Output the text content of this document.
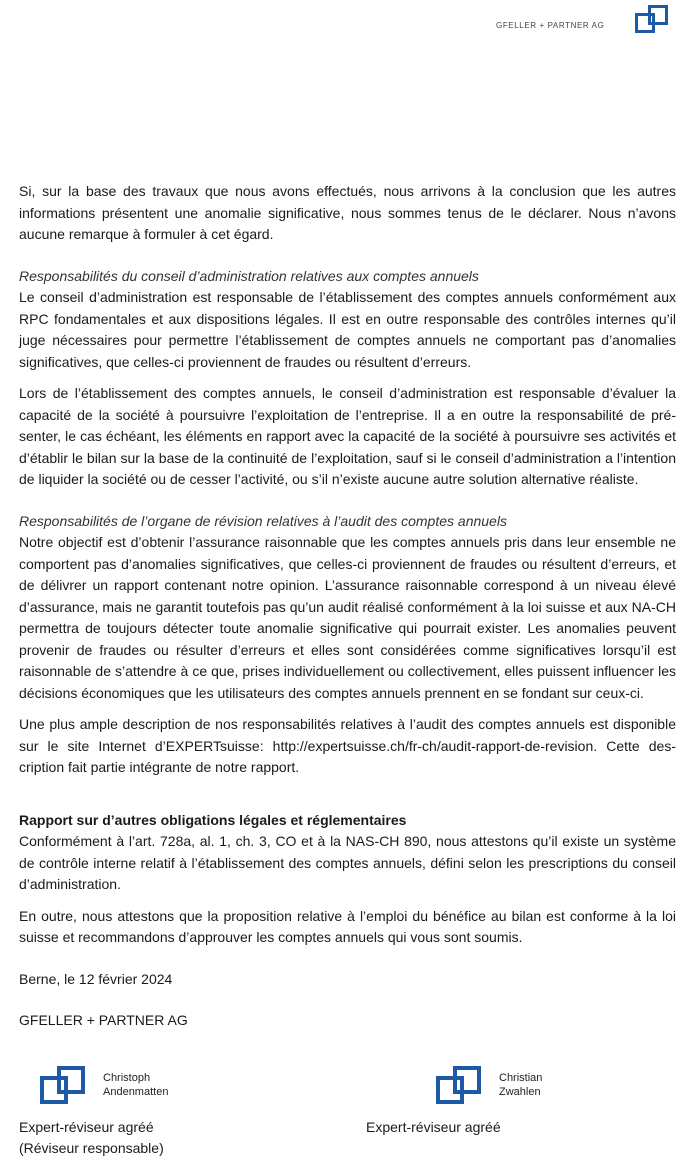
GFELLER + PARTNER AG

Si, sur la base des travaux que nous avons effectués, nous arrivons à la conclusion que les autres informations présentent une anomalie significative, nous sommes tenus de le déclarer. Nous n’avons aucune remarque à formuler à cet égard.

Responsabilités du conseil d’administration relatives aux comptes annuels

Le conseil d’administration est responsable de l’établissement des comptes annuels conformément aux RPC fondamentales et aux dispositions légales. Il est en outre responsable des contrôles internes qu’il juge nécessaires pour permettre l’établissement de comptes annuels ne comportant pas d’anomalies significatives, que celles-ci proviennent de fraudes ou résultent d’erreurs.

Lors de l’établissement des comptes annuels, le conseil d’administration est responsable d’évaluer la capacité de la société à poursuivre l’exploitation de l’entreprise. Il a en outre la responsabilité de présenter, le cas échéant, les éléments en rapport avec la capacité de la société à poursuivre ses activités et d’établir le bilan sur la base de la continuité de l’exploitation, sauf si le conseil d’administration a l’intention de liquider la société ou de cesser l’activité, ou s’il n’existe aucune autre solution alternative réaliste.

Responsabilités de l’organe de révision relatives à l’audit des comptes annuels

Notre objectif est d’obtenir l’assurance raisonnable que les comptes annuels pris dans leur ensemble ne comportent pas d’anomalies significatives, que celles-ci proviennent de fraudes ou résultent d’erreurs, et de délivrer un rapport contenant notre opinion. L’assurance raisonnable correspond à un niveau élevé d’assurance, mais ne garantit toutefois pas qu’un audit réalisé conformément à la loi suisse et aux NA-CH permettra de toujours détecter toute anomalie significative qui pourrait exister. Les anomalies peuvent provenir de fraudes ou résulter d’erreurs et elles sont considérées comme significatives lorsqu’il est raisonnable de s’attendre à ce que, prises individuellement ou collectivement, elles puissent influencer les décisions économiques que les utilisateurs des comptes annuels prennent en se fondant sur ceux-ci.

Une plus ample description de nos responsabilités relatives à l’audit des comptes annuels est disponible sur le site Internet d’EXPERTsuisse: http://expertsuisse.ch/fr-ch/audit-rapport-de-revision. Cette description fait partie intégrante de notre rapport.

Rapport sur d’autres obligations légales et réglementaires

Conformément à l’art. 728a, al. 1, ch. 3, CO et à la NAS-CH 890, nous attestons qu’il existe un système de contrôle interne relatif à l’établissement des comptes annuels, défini selon les prescriptions du conseil d’administration.

En outre, nous attestons que la proposition relative à l’emploi du bénéfice au bilan est conforme à la loi suisse et recommandons d’approuver les comptes annuels qui vous sont soumis.

Berne, le 12 février 2024

GFELLER + PARTNER AG

Christoph
Andenmatten
Expert-réviseur agréé
(Réviseur responsable)
Christian
Zwahlen
Expert-réviseur agréé
